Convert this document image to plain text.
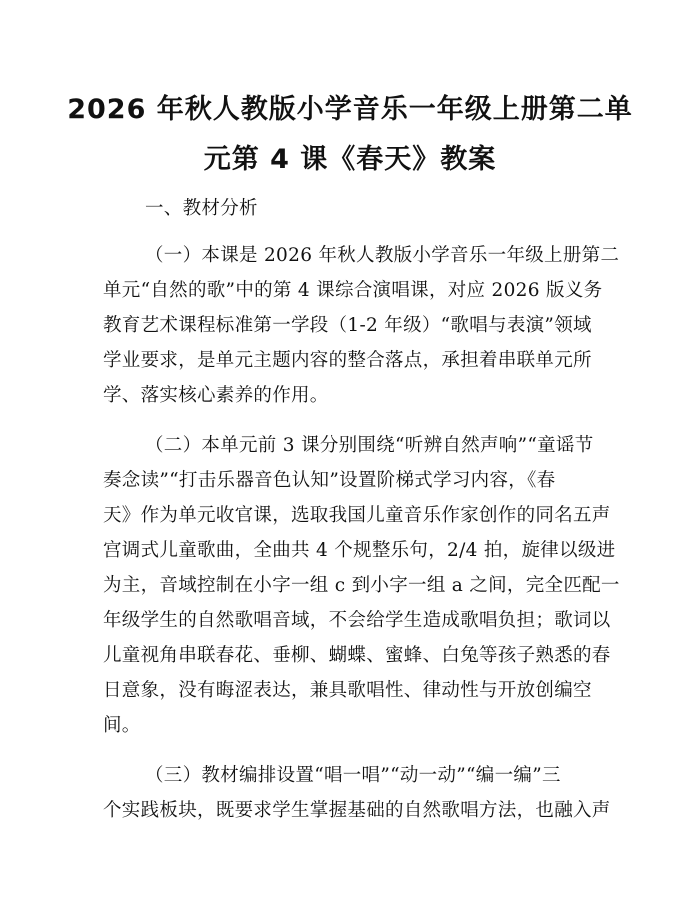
2026 年秋人教版小学音乐一年级上册第二单
元第 4 课《春天》教案
一、教材分析
（一）本课是 2026 年秋人教版小学音乐一年级上册第二
单元“自然的歌”中的第 4 课综合演唱课，对应 2026 版义务
教育艺术课程标准第一学段（1-2 年级）“歌唱与表演”领域
学业要求，是单元主题内容的整合落点，承担着串联单元所
学、落实核心素养的作用。
（二）本单元前 3 课分别围绕“听辨自然声响”“童谣节
奏念读”“打击乐器音色认知”设置阶梯式学习内容，《春
天》作为单元收官课，选取我国儿童音乐作家创作的同名五声
宫调式儿童歌曲，全曲共 4 个规整乐句，2/4 拍，旋律以级进
为主，音域控制在小字一组 c 到小字一组 a 之间，完全匹配一
年级学生的自然歌唱音域，不会给学生造成歌唱负担；歌词以
儿童视角串联春花、垂柳、蝴蝶、蜜蜂、白兔等孩子熟悉的春
日意象，没有晦涩表达，兼具歌唱性、律动性与开放创编空
间。
（三）教材编排设置“唱一唱”“动一动”“编一编”三
个实践板块，既要求学生掌握基础的自然歌唱方法，也融入声
